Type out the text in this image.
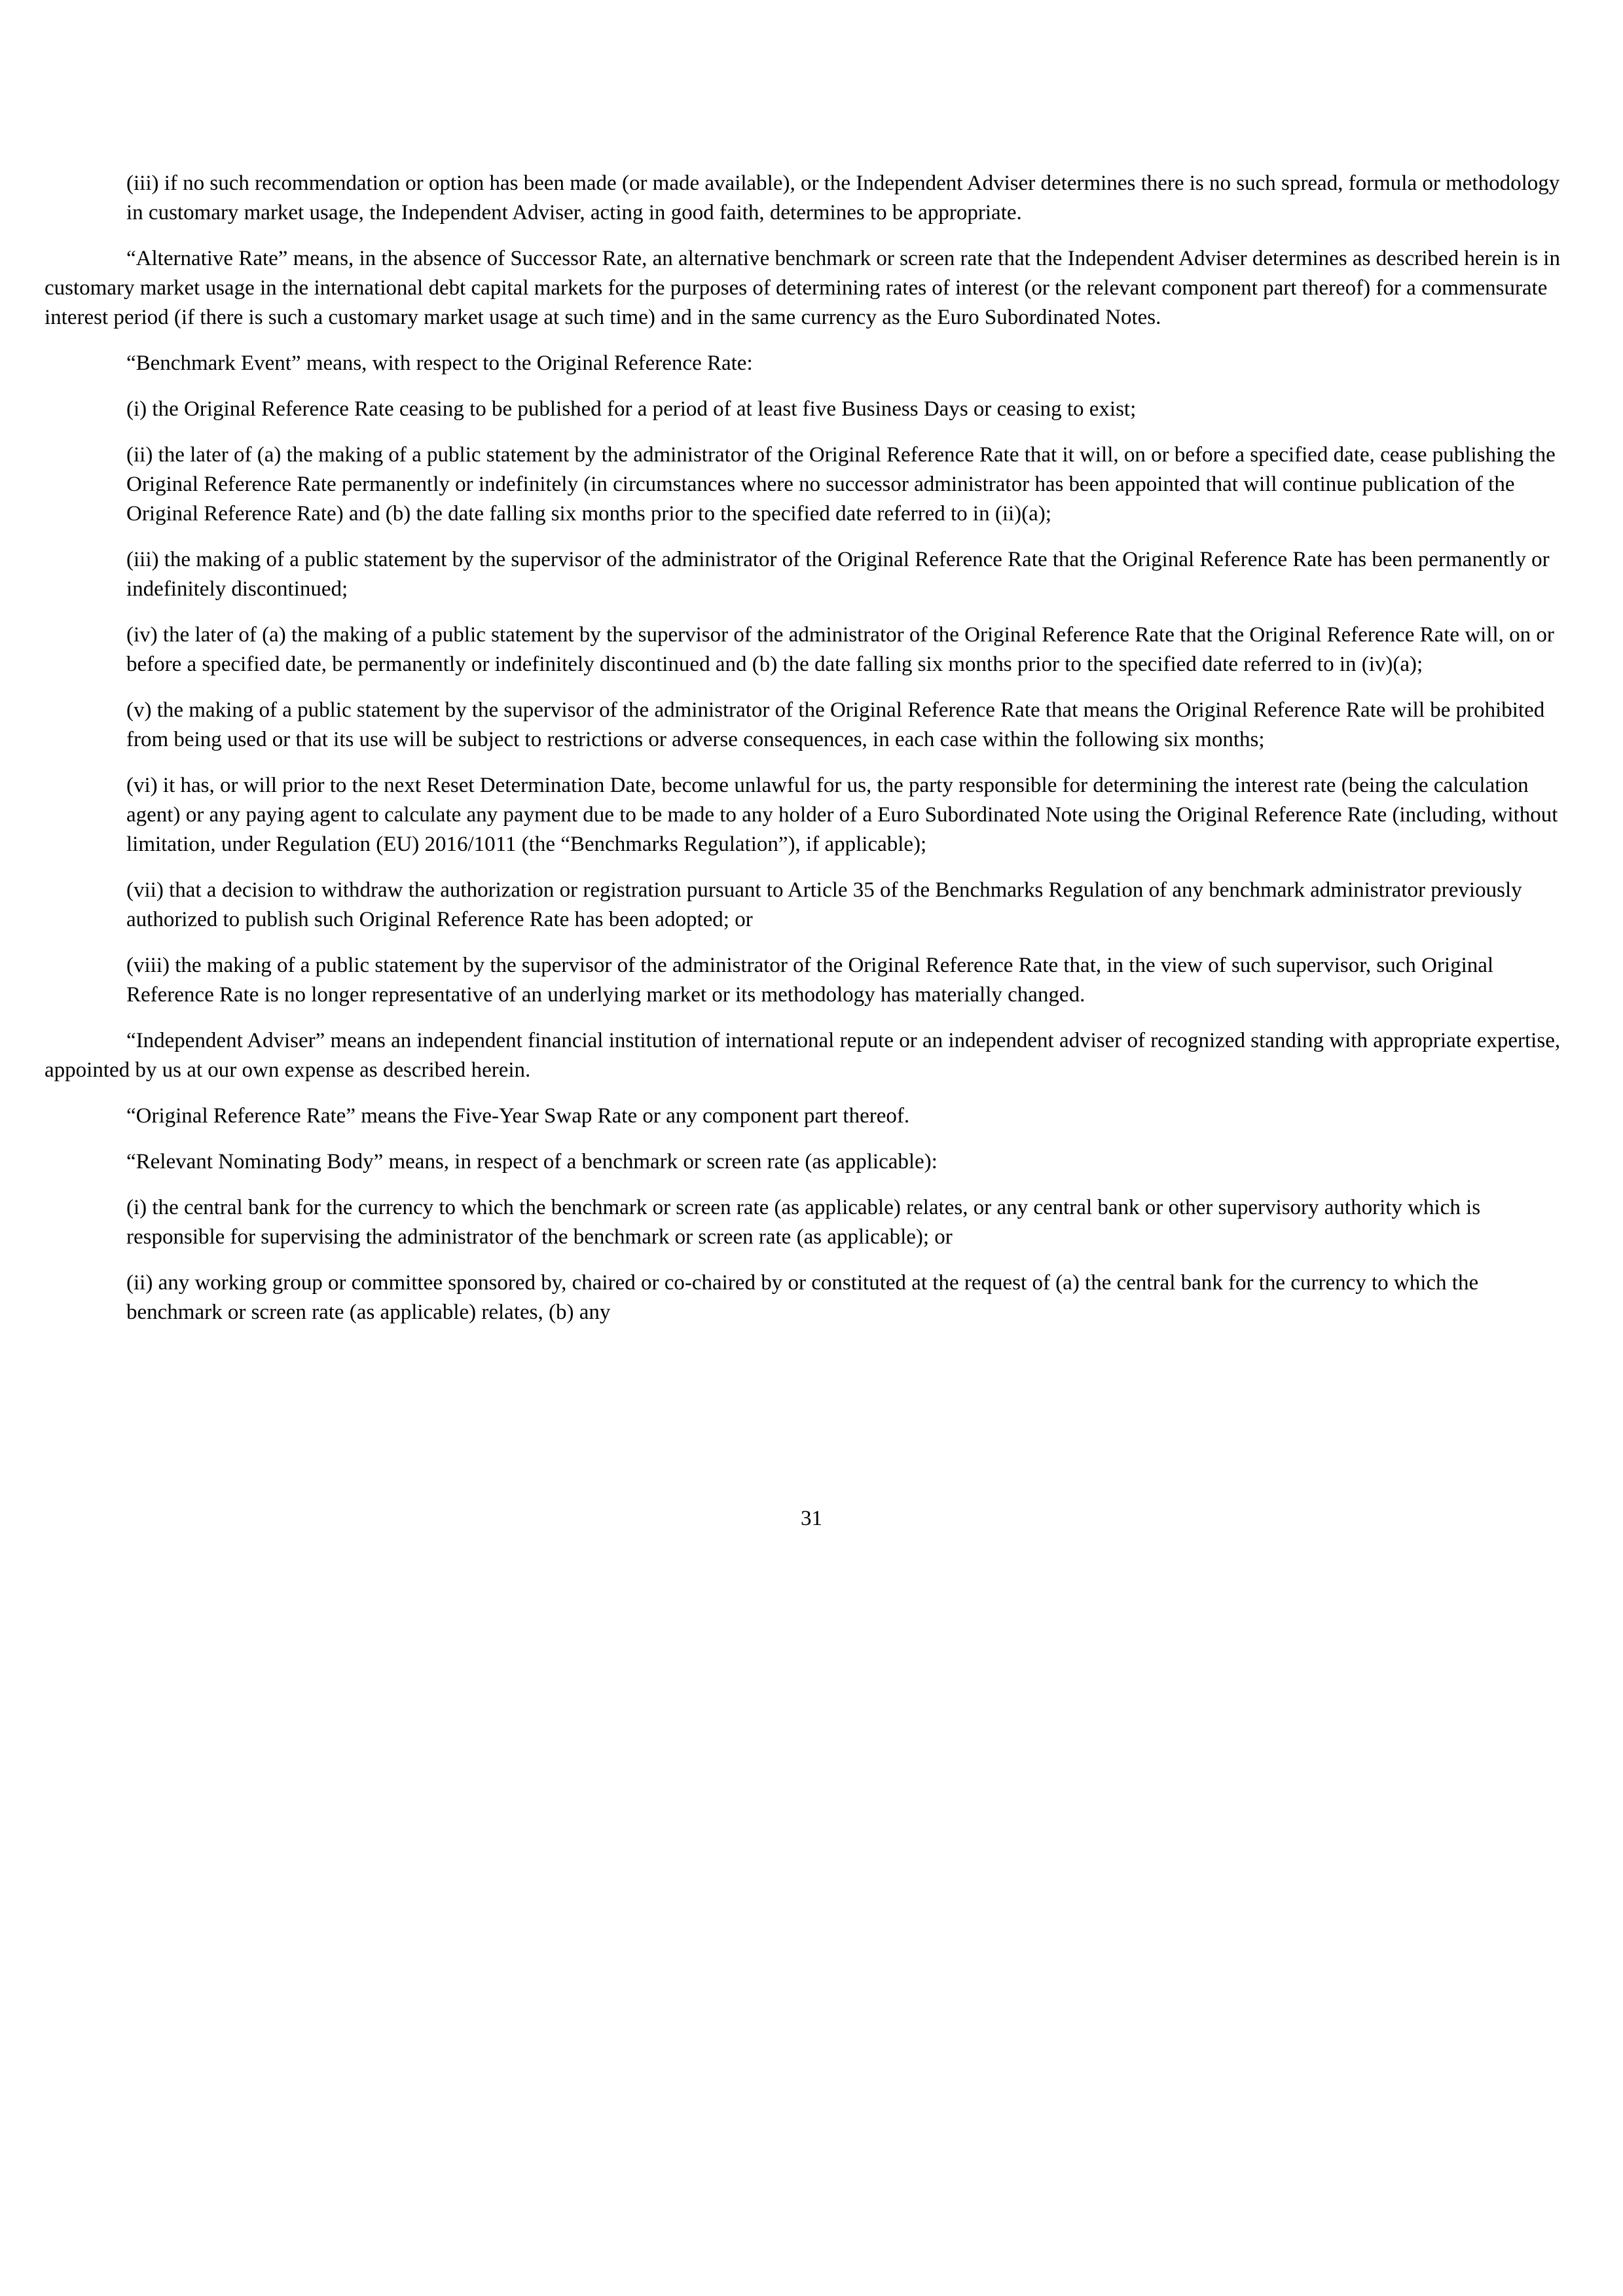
(iii) if no such recommendation or option has been made (or made available), or the Independent Adviser determines there is no such spread, formula or methodology in customary market usage, the Independent Adviser, acting in good faith, determines to be appropriate.

“Alternative Rate” means, in the absence of Successor Rate, an alternative benchmark or screen rate that the Independent Adviser determines as described herein is in customary market usage in the international debt capital markets for the purposes of determining rates of interest (or the relevant component part thereof) for a commensurate interest period (if there is such a customary market usage at such time) and in the same currency as the Euro Subordinated Notes.

“Benchmark Event” means, with respect to the Original Reference Rate:

(i) the Original Reference Rate ceasing to be published for a period of at least five Business Days or ceasing to exist;

(ii) the later of (a) the making of a public statement by the administrator of the Original Reference Rate that it will, on or before a specified date, cease publishing the Original Reference Rate permanently or indefinitely (in circumstances where no successor administrator has been appointed that will continue publication of the Original Reference Rate) and (b) the date falling six months prior to the specified date referred to in (ii)(a);

(iii) the making of a public statement by the supervisor of the administrator of the Original Reference Rate that the Original Reference Rate has been permanently or indefinitely discontinued;

(iv) the later of (a) the making of a public statement by the supervisor of the administrator of the Original Reference Rate that the Original Reference Rate will, on or before a specified date, be permanently or indefinitely discontinued and (b) the date falling six months prior to the specified date referred to in (iv)(a);

(v) the making of a public statement by the supervisor of the administrator of the Original Reference Rate that means the Original Reference Rate will be prohibited from being used or that its use will be subject to restrictions or adverse consequences, in each case within the following six months;

(vi) it has, or will prior to the next Reset Determination Date, become unlawful for us, the party responsible for determining the interest rate (being the calculation agent) or any paying agent to calculate any payment due to be made to any holder of a Euro Subordinated Note using the Original Reference Rate (including, without limitation, under Regulation (EU) 2016/1011 (the “Benchmarks Regulation”), if applicable);

(vii) that a decision to withdraw the authorization or registration pursuant to Article 35 of the Benchmarks Regulation of any benchmark administrator previously authorized to publish such Original Reference Rate has been adopted; or

(viii) the making of a public statement by the supervisor of the administrator of the Original Reference Rate that, in the view of such supervisor, such Original Reference Rate is no longer representative of an underlying market or its methodology has materially changed.

“Independent Adviser” means an independent financial institution of international repute or an independent adviser of recognized standing with appropriate expertise, appointed by us at our own expense as described herein.

“Original Reference Rate” means the Five-Year Swap Rate or any component part thereof.

“Relevant Nominating Body” means, in respect of a benchmark or screen rate (as applicable):

(i) the central bank for the currency to which the benchmark or screen rate (as applicable) relates, or any central bank or other supervisory authority which is responsible for supervising the administrator of the benchmark or screen rate (as applicable); or

(ii) any working group or committee sponsored by, chaired or co-chaired by or constituted at the request of (a) the central bank for the currency to which the benchmark or screen rate (as applicable) relates, (b) any

31
